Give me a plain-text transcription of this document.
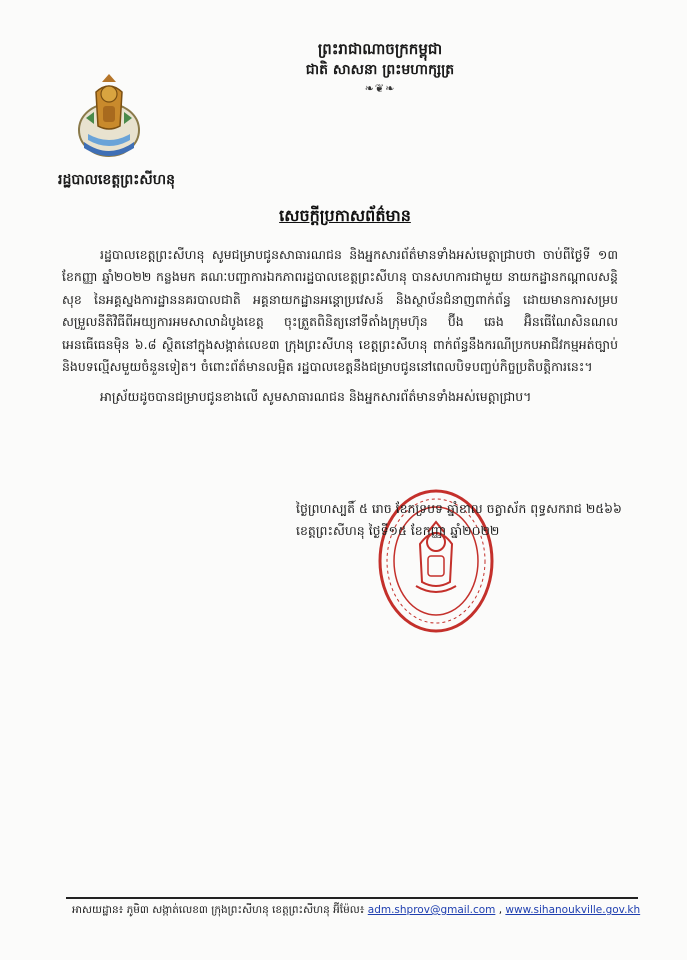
ព្រះរាជាណាចក្រកម្ពុជា
ជាតិ សាសនា ព្រះមហាក្សត្រ
❧❦❧
រដ្ឋបាលខេត្តព្រះសីហនុ
សេចក្តីប្រកាសព័ត៌មាន

រដ្ឋបាលខេត្តព្រះសីហនុ សូមជម្រាបជូនសាធារណជន និងអ្នកសារព័ត៌មានទាំងអស់មេត្តាជ្រាបថា ចាប់ពីថ្ងៃទី ១៣ ខែកញ្ញា ឆ្នាំ២០២២ កន្លងមក គណៈបញ្ជាការឯកភាពរដ្ឋបាលខេត្តព្រះសីហនុ បានសហការជាមួយ នាយកដ្ឋានកណ្តាលសន្តិសុខ នៃអគ្គស្នងការដ្ឋាននគរបាលជាតិ អគ្គនាយកដ្ឋានអន្តោប្រវេសន៍ និងស្ថាប័នជំនាញពាក់ព័ន្ធ ដោយមានការសម្របសម្រួលនីតិវិធីពីអយ្យការអមសាលាដំបូងខេត្ត ចុះត្រួតពិនិត្យនៅទីតាំងក្រុមហ៊ុន ប៊ីង ឆេង អ៊ិនធើណែសិនណល អេនធើធេនម៉ិន ៦.៨ ស្ថិតនៅក្នុងសង្កាត់លេខ៣ ក្រុងព្រះសីហនុ ខេត្តព្រះសីហនុ ពាក់ព័ន្ធនឹងករណីប្រកបអាជីវកម្មអត់ច្បាប់ និងបទល្មើសមួយចំនួនទៀត។ ចំពោះព័ត៌មានលម្អិត រដ្ឋបាលខេត្តនឹងជម្រាបជូននៅពេលបិទបញ្ចប់កិច្ចប្រតិបត្តិការនេះ។

អាស្រ័យដូចបានជម្រាបជូនខាងលើ សូមសាធារណជន និងអ្នកសារព័ត៌មានទាំងអស់មេត្តាជ្រាប។

ថ្ងៃព្រហស្បតិ៍ ៥ រោច ខែភទ្របទ ឆ្នាំខាល ចត្វាស័ក ពុទ្ធសករាជ ២៥៦៦
ខេត្តព្រះសីហនុ ថ្ងៃទី១៥ ខែកញ្ញា ឆ្នាំ២០២២
អាសយដ្ឋាន៖ ភូមិ៣ សង្កាត់លេខ៣ ក្រុងព្រះសីហនុ ខេត្តព្រះសីហនុ អ៊ីម៉ែល៖ adm.shprov@gmail.com , www.sihanoukville.gov.kh
